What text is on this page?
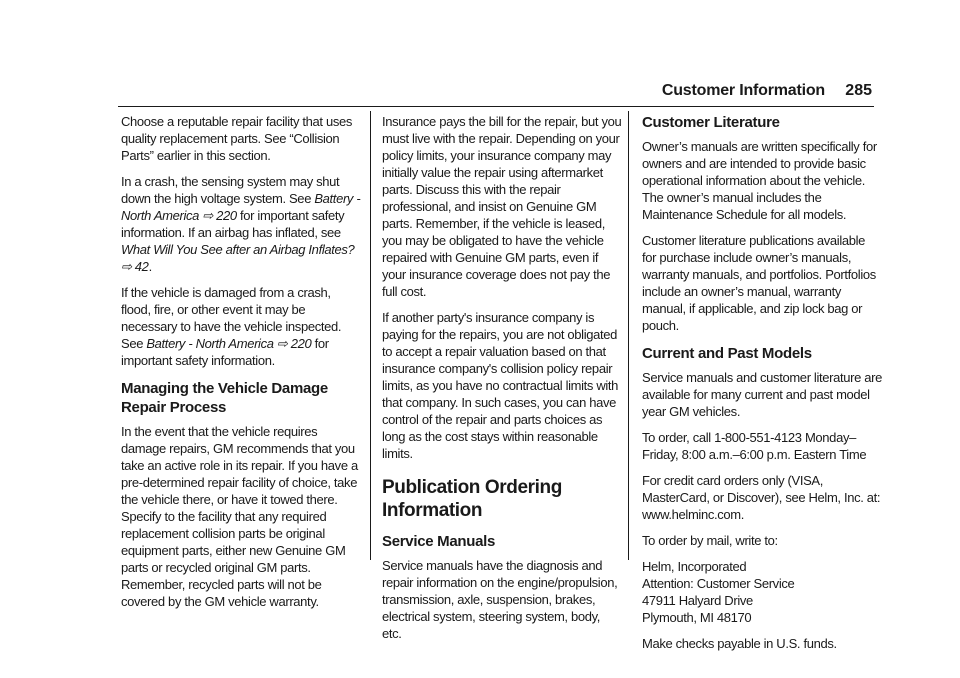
Customer Information 285

Choose a reputable repair facility that uses quality replacement parts. See “Collision Parts” earlier in this section.

In a crash, the sensing system may shut down the high voltage system. See Battery - North America ⇨ 220 for important safety information. If an airbag has inflated, see What Will You See after an Airbag Inflates? ⇨ 42.

If the vehicle is damaged from a crash, flood, fire, or other event it may be necessary to have the vehicle inspected. See Battery - North America ⇨ 220 for important safety information.

Managing the Vehicle Damage Repair Process

In the event that the vehicle requires damage repairs, GM recommends that you take an active role in its repair. If you have a pre-determined repair facility of choice, take the vehicle there, or have it towed there. Specify to the facility that any required replacement collision parts be original equipment parts, either new Genuine GM parts or recycled original GM parts. Remember, recycled parts will not be covered by the GM vehicle warranty.

Insurance pays the bill for the repair, but you must live with the repair. Depending on your policy limits, your insurance company may initially value the repair using aftermarket parts. Discuss this with the repair professional, and insist on Genuine GM parts. Remember, if the vehicle is leased, you may be obligated to have the vehicle repaired with Genuine GM parts, even if your insurance coverage does not pay the full cost.

If another party's insurance company is paying for the repairs, you are not obligated to accept a repair valuation based on that insurance company's collision policy repair limits, as you have no contractual limits with that company. In such cases, you can have control of the repair and parts choices as long as the cost stays within reasonable limits.

Publication Ordering Information
Service Manuals

Service manuals have the diagnosis and repair information on the engine/propulsion, transmission, axle, suspension, brakes, electrical system, steering system, body, etc.

Customer Literature

Owner’s manuals are written specifically for owners and are intended to provide basic operational information about the vehicle. The owner’s manual includes the Maintenance Schedule for all models.

Customer literature publications available for purchase include owner’s manuals, warranty manuals, and portfolios. Portfolios include an owner’s manual, warranty manual, if applicable, and zip lock bag or pouch.

Current and Past Models

Service manuals and customer literature are available for many current and past model year GM vehicles.

To order, call 1-800-551-4123 Monday–Friday, 8:00 a.m.–6:00 p.m. Eastern Time

For credit card orders only (VISA, MasterCard, or Discover), see Helm, Inc. at: www.helminc.com.

To order by mail, write to:

Helm, Incorporated
Attention: Customer Service
47911 Halyard Drive
Plymouth, MI 48170

Make checks payable in U.S. funds.
